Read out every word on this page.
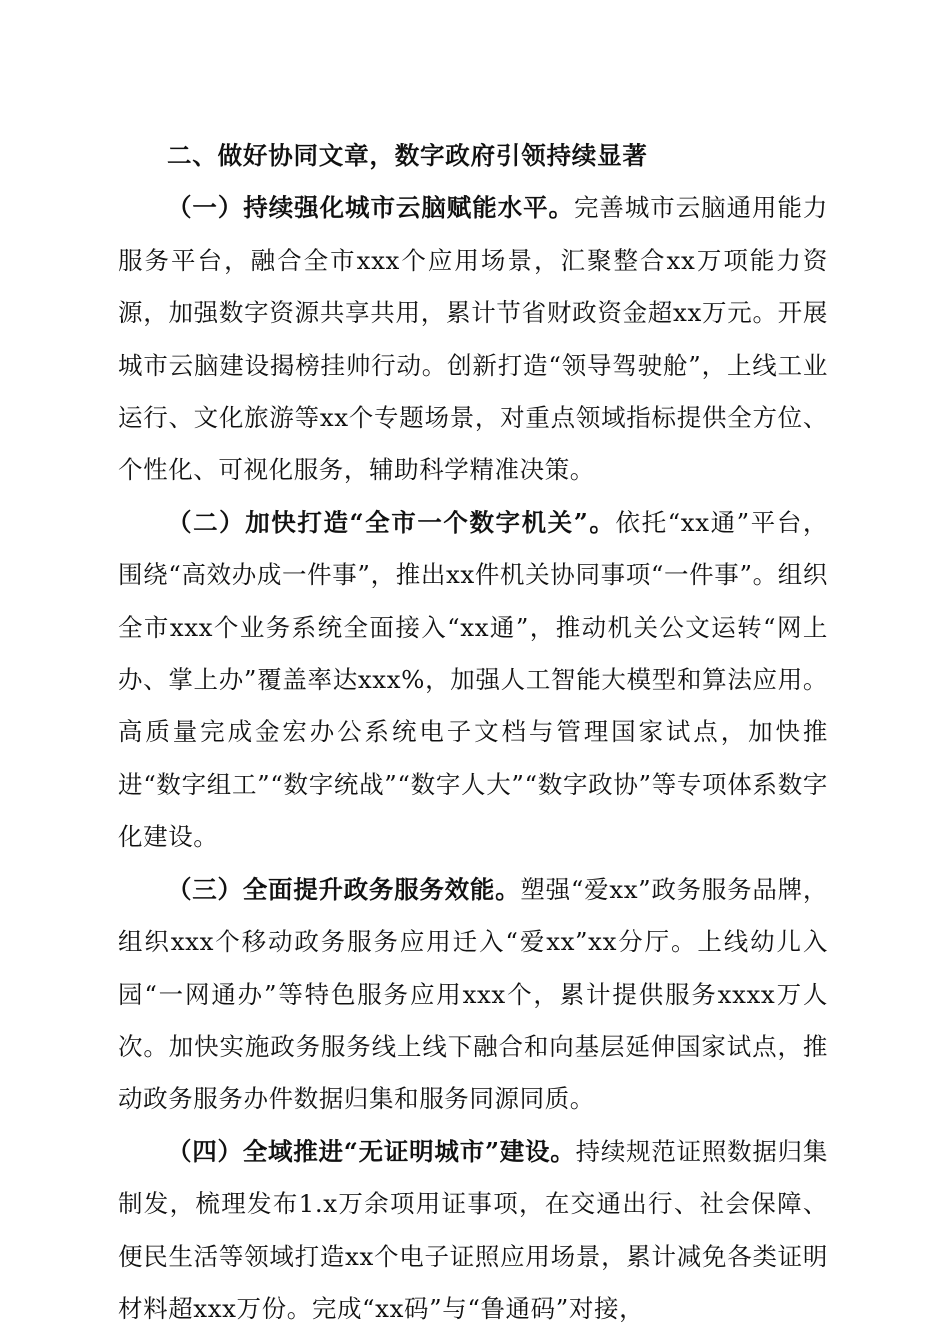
二、做好协同文章，数字政府引领持续显著

（一）持续强化城市云脑赋能水平。完善城市云脑通用能力服务平台，融合全市xxx个应用场景，汇聚整合xx万项能力资源，加强数字资源共享共用，累计节省财政资金超xx万元。开展城市云脑建设揭榜挂帅行动。创新打造“领导驾驶舱”，上线工业运行、文化旅游等xx个专题场景，对重点领域指标提供全方位、个性化、可视化服务，辅助科学精准决策。

（二）加快打造“全市一个数字机关”。依托“xx通”平台，围绕“高效办成一件事”，推出xx件机关协同事项“一件事”。组织全市xxx个业务系统全面接入“xx通”，推动机关公文运转“网上办、掌上办”覆盖率达xxx%，加强人工智能大模型和算法应用。高质量完成金宏办公系统电子文档与管理国家试点，加快推进“数字组工”“数字统战”“数字人大”“数字政协”等专项体系数字化建设。

（三）全面提升政务服务效能。塑强“爱xx”政务服务品牌，组织xxx个移动政务服务应用迁入“爱xx”xx分厅。上线幼儿入园“一网通办”等特色服务应用xxx个，累计提供服务xxxx万人次。加快实施政务服务线上线下融合和向基层延伸国家试点，推动政务服务办件数据归集和服务同源同质。

（四）全域推进“无证明城市”建设。持续规范证照数据归集制发，梳理发布1.x万余项用证事项，在交通出行、社会保障、便民生活等领域打造xx个电子证照应用场景，累计减免各类证明材料超xxx万份。完成“xx码”与“鲁通码”对接，
